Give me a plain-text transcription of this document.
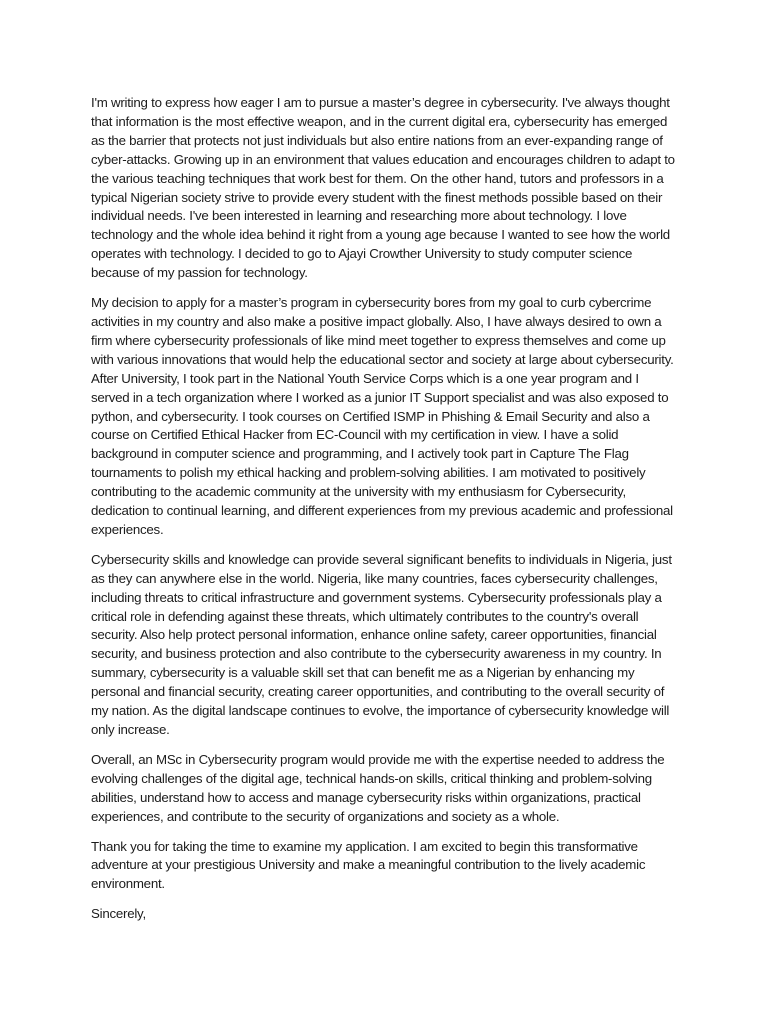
I'm writing to express how eager I am to pursue a master’s degree in cybersecurity. I've always thought that information is the most effective weapon, and in the current digital era, cybersecurity has emerged as the barrier that protects not just individuals but also entire nations from an ever-expanding range of cyber-attacks. Growing up in an environment that values education and encourages children to adapt to the various teaching techniques that work best for them. On the other hand, tutors and professors in a typical Nigerian society strive to provide every student with the finest methods possible based on their individual needs. I've been interested in learning and researching more about technology. I love technology and the whole idea behind it right from a young age because I wanted to see how the world operates with technology. I decided to go to Ajayi Crowther University to study computer science because of my passion for technology.

My decision to apply for a master’s program in cybersecurity bores from my goal to curb cybercrime activities in my country and also make a positive impact globally. Also, I have always desired to own a firm where cybersecurity professionals of like mind meet together to express themselves and come up with various innovations that would help the educational sector and society at large about cybersecurity. After University, I took part in the National Youth Service Corps which is a one year program and I served in a tech organization where I worked as a junior IT Support specialist and was also exposed to python, and cybersecurity. I took courses on Certified ISMP in Phishing & Email Security and also a course on Certified Ethical Hacker from EC-Council with my certification in view. I have a solid background in computer science and programming, and I actively took part in Capture The Flag tournaments to polish my ethical hacking and problem-solving abilities. I am motivated to positively contributing to the academic community at the university with my enthusiasm for Cybersecurity, dedication to continual learning, and different experiences from my previous academic and professional experiences.

Cybersecurity skills and knowledge can provide several significant benefits to individuals in Nigeria, just as they can anywhere else in the world. Nigeria, like many countries, faces cybersecurity challenges, including threats to critical infrastructure and government systems. Cybersecurity professionals play a critical role in defending against these threats, which ultimately contributes to the country's overall security. Also help protect personal information, enhance online safety, career opportunities, financial security, and business protection and also contribute to the cybersecurity awareness in my country. In summary, cybersecurity is a valuable skill set that can benefit me as a Nigerian by enhancing my personal and financial security, creating career opportunities, and contributing to the overall security of my nation. As the digital landscape continues to evolve, the importance of cybersecurity knowledge will only increase.

Overall, an MSc in Cybersecurity program would provide me with the expertise needed to address the evolving challenges of the digital age, technical hands-on skills, critical thinking and problem-solving abilities, understand how to access and manage cybersecurity risks within organizations, practical experiences, and contribute to the security of organizations and society as a whole.

Thank you for taking the time to examine my application. I am excited to begin this transformative adventure at your prestigious University and make a meaningful contribution to the lively academic environment.

Sincerely,
